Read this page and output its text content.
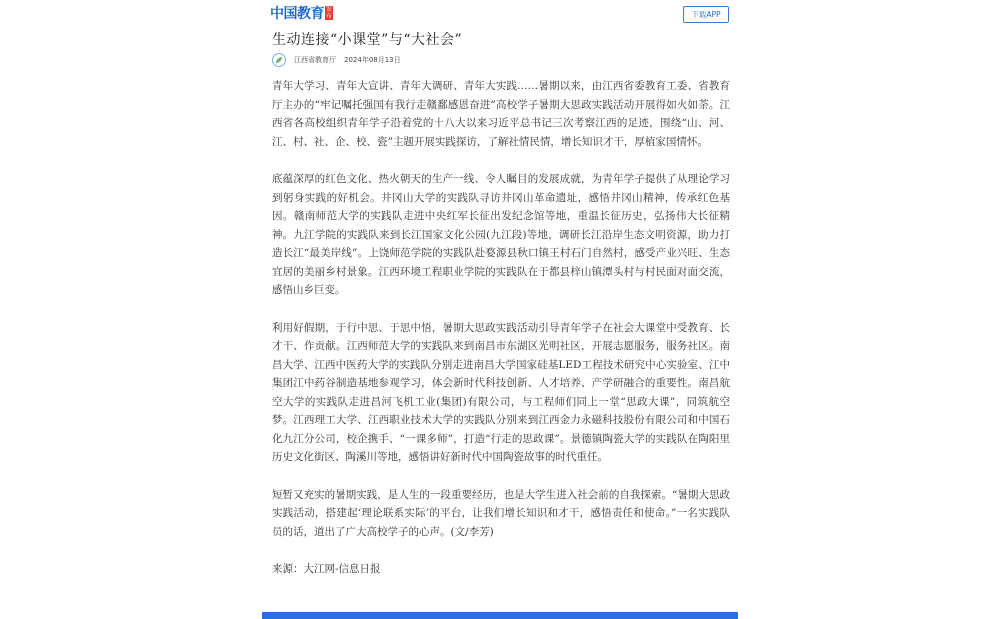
中国教育 发布	下载APP
生动连接“小课堂”与“大社会”
江西省教育厅 2024年08月13日

青年大学习、青年大宣讲、青年大调研、青年大实践……暑期以来，由江西省委教育工委、省教育厅主办的“牢记嘱托强国有我行走赣鄱感恩奋进”高校学子暑期大思政实践活动开展得如火如荼。江西省各高校组织青年学子沿着党的十八大以来习近平总书记三次考察江西的足迹，围绕“山、河、江、村、社、企、校、瓷”主题开展实践探访，了解社情民情，增长知识才干，厚植家国情怀。

底蕴深厚的红色文化、热火朝天的生产一线、令人瞩目的发展成就，为青年学子提供了从理论学习到躬身实践的好机会。井冈山大学的实践队寻访井冈山革命遗址，感悟井冈山精神，传承红色基因。赣南师范大学的实践队走进中央红军长征出发纪念馆等地，重温长征历史，弘扬伟大长征精神。九江学院的实践队来到长江国家文化公园(九江段)等地，调研长江沿岸生态文明资源，助力打造长江“最美岸线”。上饶师范学院的实践队赴婺源县秋口镇王村石门自然村，感受产业兴旺、生态宜居的美丽乡村景象。江西环境工程职业学院的实践队在于都县梓山镇潭头村与村民面对面交流，感悟山乡巨变。

利用好假期，于行中思、于思中悟，暑期大思政实践活动引导青年学子在社会大课堂中受教育、长才干、作贡献。江西师范大学的实践队来到南昌市东湖区光明社区，开展志愿服务，服务社区。南昌大学、江西中医药大学的实践队分别走进南昌大学国家硅基LED工程技术研究中心实验室、江中集团江中药谷制造基地参观学习，体会新时代科技创新、人才培养、产学研融合的重要性。南昌航空大学的实践队走进昌河飞机工业(集团)有限公司，与工程师们同上一堂“思政大课”，同筑航空梦。江西理工大学、江西职业技术大学的实践队分别来到江西金力永磁科技股份有限公司和中国石化九江分公司，校企携手、“一课多师”，打造“行走的思政课”。景德镇陶瓷大学的实践队在陶阳里历史文化街区、陶溪川等地，感悟讲好新时代中国陶瓷故事的时代重任。

短暂又充实的暑期实践，是人生的一段重要经历，也是大学生进入社会前的自我探索。“暑期大思政实践活动，搭建起‘理论联系实际’的平台，让我们增长知识和才干，感悟责任和使命。”一名实践队员的话，道出了广大高校学子的心声。(文/李芳)

来源：大江网-信息日报
